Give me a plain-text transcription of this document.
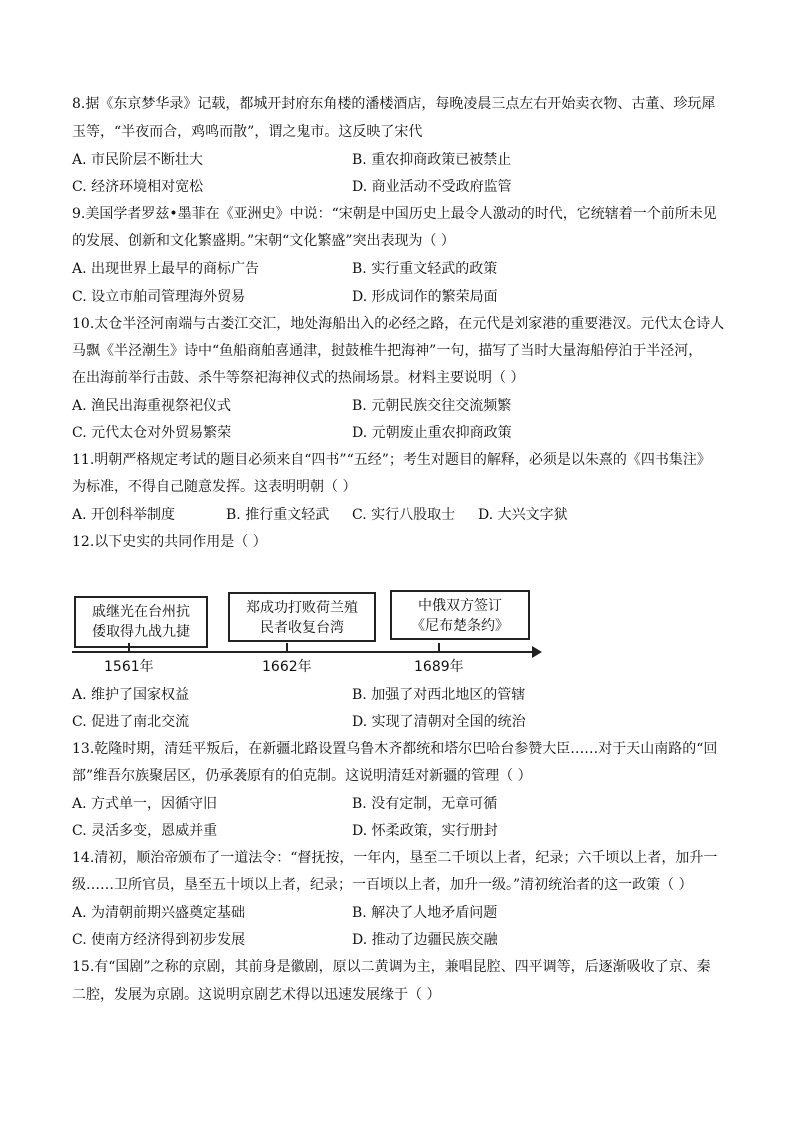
8.据《东京梦华录》记载，都城开封府东角楼的潘楼酒店，每晚凌晨三点左右开始卖衣物、古董、珍玩犀
玉等，“半夜而合，鸡鸣而散”，谓之鬼市。这反映了宋代
A. 市民阶层不断壮大	B. 重农抑商政策已被禁止
C. 经济环境相对宽松	D. 商业活动不受政府监管
9.美国学者罗兹•墨菲在《亚洲史》中说：“宋朝是中国历史上最令人激动的时代，它统辖着一个前所未见
的发展、创新和文化繁盛期。”宋朝“文化繁盛”突出表现为（ ）
A. 出现世界上最早的商标广告	B. 实行重文轻武的政策
C. 设立市舶司管理海外贸易	D. 形成词作的繁荣局面
10.太仓半泾河南端与古娄江交汇，地处海船出入的必经之路，在元代是刘家港的重要港汊。元代太仓诗人
马飘《半泾潮生》诗中“鱼船商舶喜通津，挝鼓椎牛把海神”一句，描写了当时大量海船停泊于半泾河，
在出海前举行击鼓、杀牛等祭祀海神仪式的热闹场景。材料主要说明（ ）
A. 渔民出海重视祭祀仪式	B. 元朝民族交往交流频繁
C. 元代太仓对外贸易繁荣	D. 元朝废止重农抑商政策
11.明朝严格规定考试的题目必须来自“四书”“五经”；考生对题目的解释，必须是以朱熹的《四书集注》
为标准，不得自己随意发挥。这表明明朝（ ）
A. 开创科举制度	B. 推行重文轻武 C. 实行八股取士 D. 大兴文字狱
12.以下史实的共同作用是（ ）
戚继光在台州抗
倭取得九战九捷
郑成功打败荷兰殖
民者收复台湾
中俄双方签订
《尼布楚条约》
1561年	1662年	1689年
A. 维护了国家权益	B. 加强了对西北地区的管辖
C. 促进了南北交流	D. 实现了清朝对全国的统治
13.乾隆时期，清廷平叛后，在新疆北路设置乌鲁木齐都统和塔尔巴哈台参赞大臣……对于天山南路的“回
部”维吾尔族聚居区，仍承袭原有的伯克制。这说明清廷对新疆的管理（ ）
A. 方式单一，因循守旧	B. 没有定制，无章可循
C. 灵活多变，恩威并重	D. 怀柔政策，实行册封
14.清初，顺治帝颁布了一道法令：“督抚按，一年内，垦至二千顷以上者，纪录；六千顷以上者，加升一
级……卫所官员，垦至五十顷以上者，纪录；一百顷以上者，加升一级。”清初统治者的这一政策（ ）
A. 为清朝前期兴盛奠定基础	B. 解决了人地矛盾问题
C. 使南方经济得到初步发展	D. 推动了边疆民族交融
15.有“国剧”之称的京剧，其前身是徽剧，原以二黄调为主，兼唱昆腔、四平调等，后逐渐吸收了京、秦
二腔，发展为京剧。这说明京剧艺术得以迅速发展缘于（ ）
